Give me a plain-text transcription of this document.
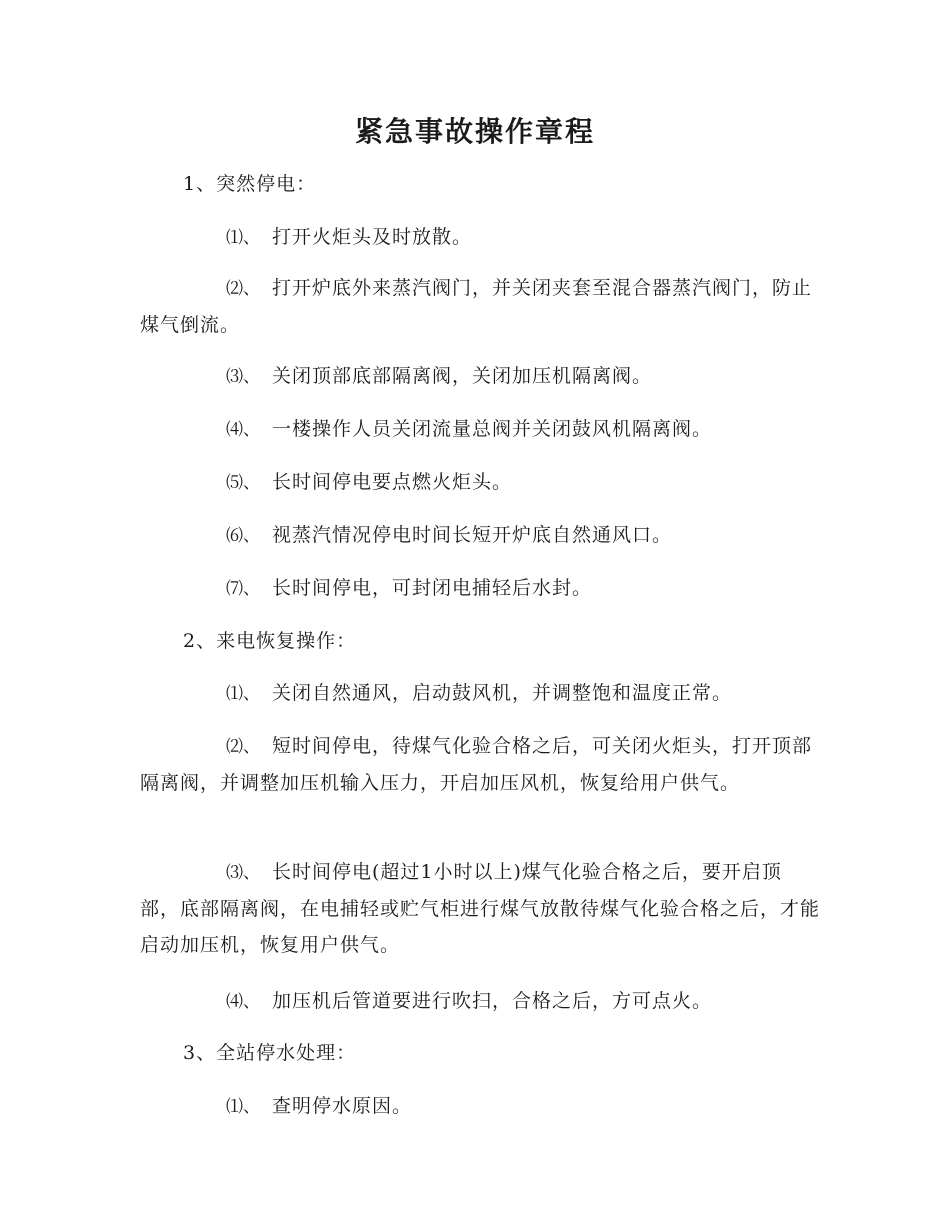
紧急事故操作章程

1、突然停电：

⑴、 打开火炬头及时放散。

⑵、 打开炉底外来蒸汽阀门，并关闭夹套至混合器蒸汽阀门，防止煤气倒流。

⑶、 关闭顶部底部隔离阀，关闭加压机隔离阀。

⑷、 一楼操作人员关闭流量总阀并关闭鼓风机隔离阀。

⑸、 长时间停电要点燃火炬头。

⑹、 视蒸汽情况停电时间长短开炉底自然通风口。

⑺、 长时间停电，可封闭电捕轻后水封。

2、来电恢复操作：

⑴、 关闭自然通风，启动鼓风机，并调整饱和温度正常。

⑵、 短时间停电，待煤气化验合格之后，可关闭火炬头，打开顶部隔离阀，并调整加压机输入压力，开启加压风机，恢复给用户供气。

⑶、 长时间停电(超过1小时以上)煤气化验合格之后，要开启顶部，底部隔离阀，在电捕轻或贮气柜进行煤气放散待煤气化验合格之后，才能启动加压机，恢复用户供气。

⑷、 加压机后管道要进行吹扫，合格之后，方可点火。

3、全站停水处理：

⑴、 查明停水原因。
